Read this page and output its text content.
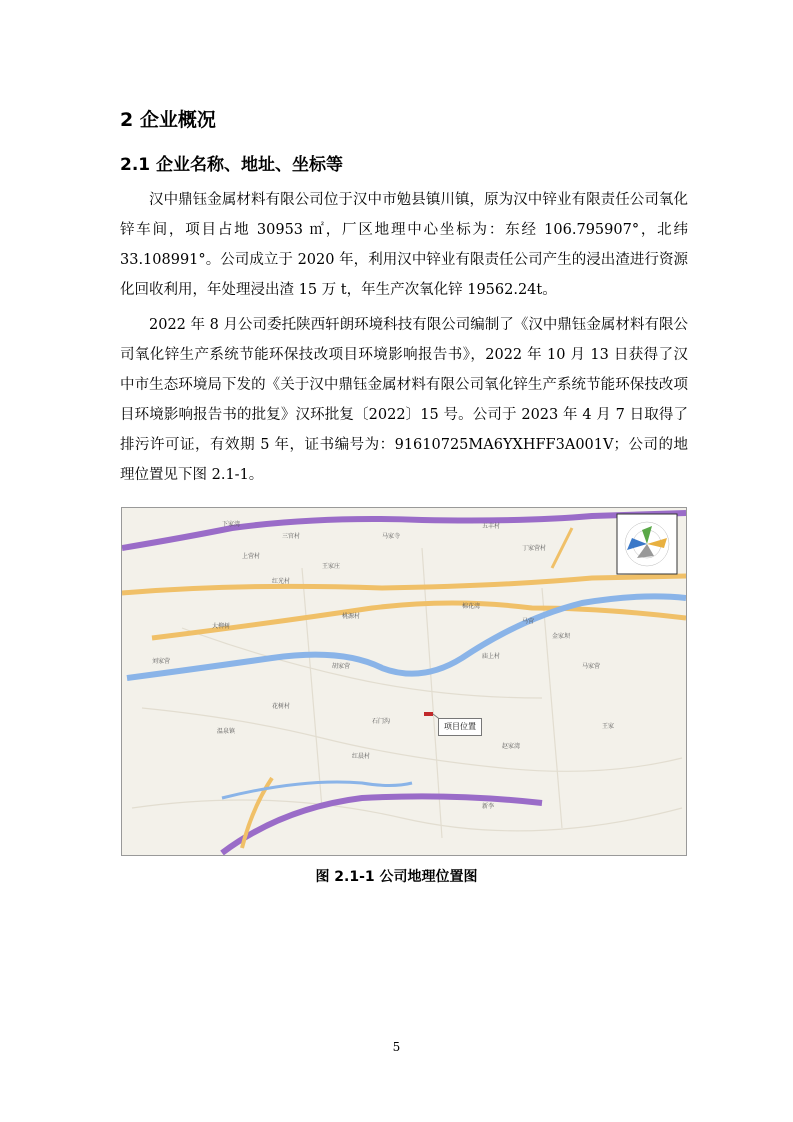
2 企业概况
2.1 企业名称、地址、坐标等

汉中鼎钰金属材料有限公司位于汉中市勉县镇川镇，原为汉中锌业有限责任公司氧化锌车间，项目占地 30953 ㎡，厂区地理中心坐标为：东经 106.795907°，北纬 33.108991°。公司成立于 2020 年，利用汉中锌业有限责任公司产生的浸出渣进行资源化回收利用，年处理浸出渣 15 万 t，年生产次氧化锌 19562.24t。

2022 年 8 月公司委托陕西轩朗环境科技有限公司编制了《汉中鼎钰金属材料有限公司氧化锌生产系统节能环保技改项目环境影响报告书》，2022 年 10 月 13 日获得了汉中市生态环境局下发的《关于汉中鼎钰金属材料有限公司氧化锌生产系统节能环保技改项目环境影响报告书的批复》汉环批复〔2022〕15 号。公司于 2023 年 4 月 7 日取得了排污许可证，有效期 5 年，证书编号为：91610725MA6YXHFF3A001V；公司的地理位置见下图 2.1-1。

下家湾
三官村	马家寺
五丰村
丁家营村
上营村
王家庄
红光村
大柳树
桃源村
棉花湾
马营
刘家营
胡家营
庙上村
温泉镇
花树村
红晨村
石门沟
金家坝
马家营
赵家湾
王家
新李
项目位置
图 2.1-1 公司地理位置图
5
